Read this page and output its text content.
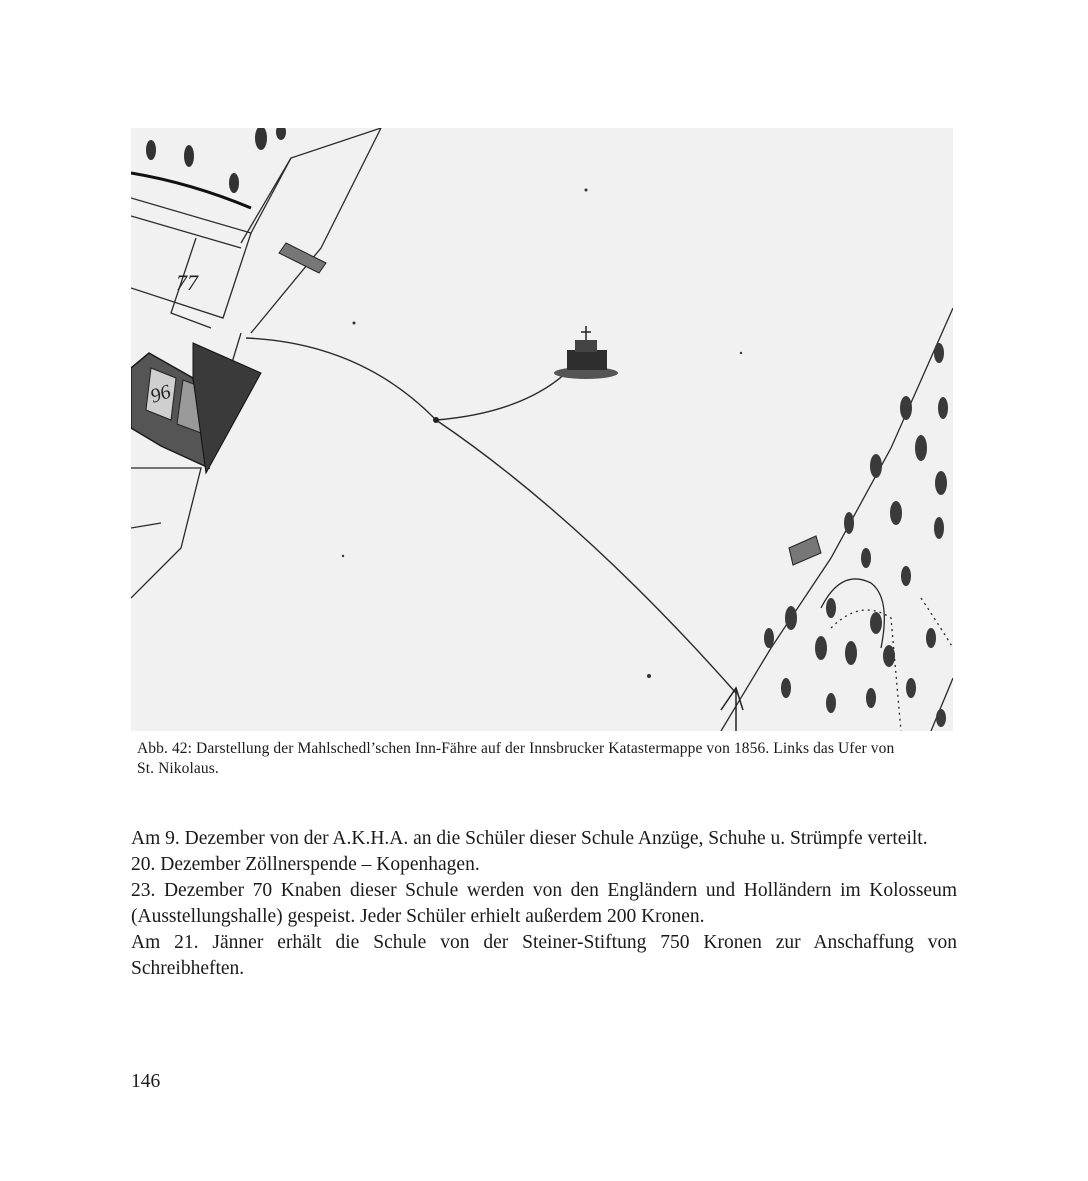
96
77

Abb. 42: Darstellung der Mahlschedl’schen Inn-Fähre auf der Innsbrucker Katastermappe von 1856. Links das Ufer von

St. Nikolaus.

Am 9. Dezember von der A.K.H.A. an die Schüler dieser Schule Anzüge, Schuhe u. Strümpfe verteilt.

20. Dezember Zöllnerspende – Kopenhagen.

23. Dezember 70 Knaben dieser Schule werden von den Engländern und Holländern im Kolosseum (Ausstellungshalle) gespeist. Jeder Schüler erhielt außerdem 200 Kronen.

Am 21. Jänner erhält die Schule von der Steiner-Stiftung 750 Kronen zur Anschaffung von Schreibheften.

146
